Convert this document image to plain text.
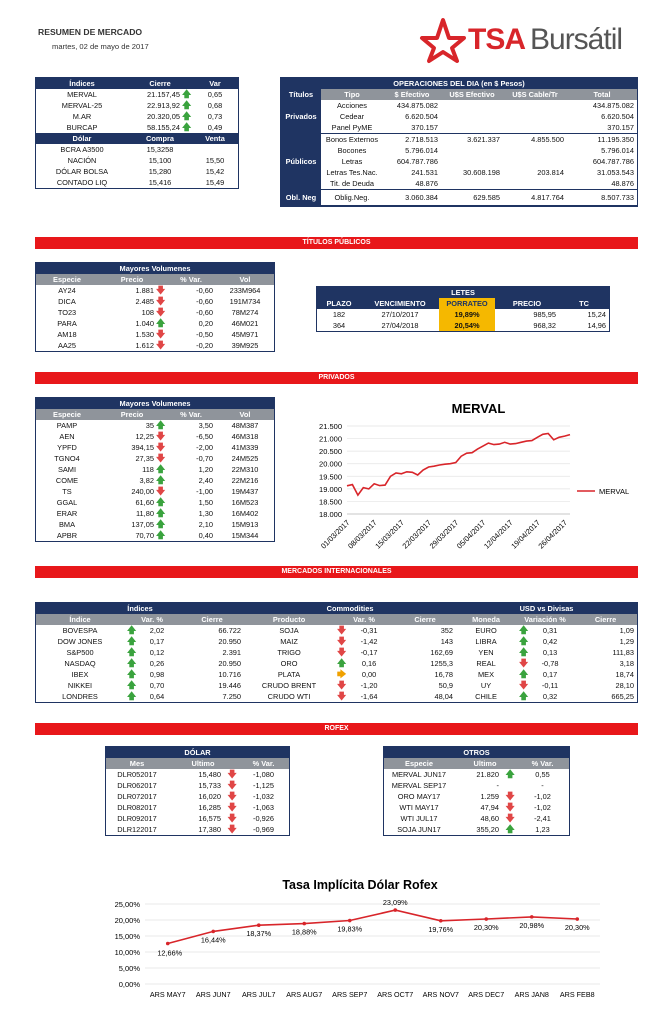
RESUMEN DE MERCADO
martes, 02 de mayo de 2017	TSA Bursátil
Índices	Cierre	Var
MERVAL	21.157,45 🡅	0,65
MERVAL-25	22.913,92 🡅	0,68
M.AR	20.320,05 🡅	0,73
BURCAP	58.155,24 🡅	0,49
Dólar	Compra	Venta
BCRA A3500	15,3258	
NACIÓN	15,100	15,50
DÓLAR BOLSA	15,280	15,42
CONTADO LIQ	15,416	15,49
OPERACIONES DEL DIA (en $ Pesos)					
Títulos	Tipo	$ Efectivo	U$S Efectivo	U$S Cable/Tr	Total
Privados	Acciones	434.875.082			434.875.082
	Cedear	6.620.504			6.620.504
	Panel PyME	370.157			370.157
Públicos	Bonos Externos	2.718.513	3.621.337	4.855.500	11.195.350
	Bocones	5.796.014			5.796.014
	Letras	604.787.786			604.787.786
	Letras Tes.Nac.	241.531	30.608.198	203.814	31.053.543
	Tit. de Deuda	48.876			48.876
Obl. Neg	Oblig.Neg.	3.060.384	629.585	4.817.764	8.507.733
TÍTULOS PÚBLICOS
Mayores Volumenes			
Especie	Precio	% Var.	Vol
AY24	1.881 🡇	-0,60	233M964
DICA	2.485 🡇	-0,60	191M734
TO23	108 🡇	-0,60	78M274
PARA	1.040 🡅	0,20	46M021
AM18	1.530 🡇	-0,50	45M971
AA25	1.612 🡇	-0,20	39M925
LETES				
PLAZO	VENCIMIENTO	PORRATEO	PRECIO	TC
182	27/10/2017	19,89%	985,95	15,24
364	27/04/2018	20,54%	968,32	14,96
PRIVADOS
Mayores Volumenes			
Especie	Precio	% Var.	Vol
PAMP	35 🡅	3,50	48M387
AEN	12,25 🡇	-6,50	46M318
YPFD	394,15 🡇	-2,00	41M339
TGNO4	27,35 🡇	-0,70	24M525
SAMI	118 🡅	1,20	22M310
COME	3,82 🡅	2,40	22M216
TS	240,00 🡇	-1,00	19M437
GGAL	61,60 🡅	1,50	16M523
ERAR	11,80 🡅	1,30	16M402
BMA	137,05 🡅	2,10	15M913
APBR	70,70 🡅	0,40	15M344
MERVAL
21.500
21.000
20.500
20.000
19.500
19.000
18.500
18.000
01/03/2017
08/03/2017
15/03/2017
22/03/2017
29/03/2017
05/04/2017
12/04/2017
19/04/2017
26/04/2017
MERVAL
MERCADOS INTERNACIONALES
Índices				Commodities				USD vs Divisas			
Índice	Var. %		Cierre	Producto	Var. %		Cierre	Moneda	Variación %		Cierre
BOVESPA	🡅	2,02	66.722	SOJA	🡇	-0,31	352	EURO	🡅	0,31	1,09
DOW JONES	🡅	0,17	20.950	MAIZ	🡇	-1,42	143	LIBRA	🡅	0,42	1,29
S&P500	🡅	0,12	2.391	TRIGO	🡇	-0,17	162,69	YEN	🡅	0,13	111,83
NASDAQ	🡅	0,26	20.950	ORO	🡅	0,16	1255,3	REAL	🡇	-0,78	3,18
IBEX	🡅	0,98	10.716	PLATA	🡆	0,00	16,78	MEX	🡅	0,17	18,74
NIKKEI	🡅	0,70	19.446	CRUDO BRENT	🡇	-1,20	50,9	UY	🡇	-0,11	28,10
LONDRES	🡅	0,64	7.250	CRUDO WTI	🡇	-1,64	48,04	CHILE	🡅	0,32	665,25
ROFEX
DÓLAR			
Mes	Ultimo		% Var.
DLR052017	15,480	🡇	-1,080
DLR062017	15,733	🡇	-1,125
DLR072017	16,020	🡇	-1,032
DLR082017	16,285	🡇	-1,063
DLR092017	16,575	🡇	-0,926
DLR122017	17,380	🡇	-0,969
OTROS			
Especie	Ultimo		% Var.
MERVAL JUN17	21.820	🡅	0,55
MERVAL SEP17	-		-
ORO MAY17	1.259	🡇	-1,02
WTI MAY17	47,94	🡇	-1,02
WTI JUL17	48,60	🡇	-2,41
SOJA JUN17	355,20	🡅	1,23
Tasa Implícita Dólar Rofex
25,00%
20,00%
15,00%
10,00%
5,00%
0,00%
ARS MAY7 ARS JUN7 ARS JUL7 ARS AUG7 ARS SEP7 ARS OCT7 ARS NOV7 ARS DEC7 ARS JAN8 ARS FEB8
12,66%
16,44%
18,37%	18,88%	19,83%
23,09%
19,76%	20,30%	20,98%	20,30%
